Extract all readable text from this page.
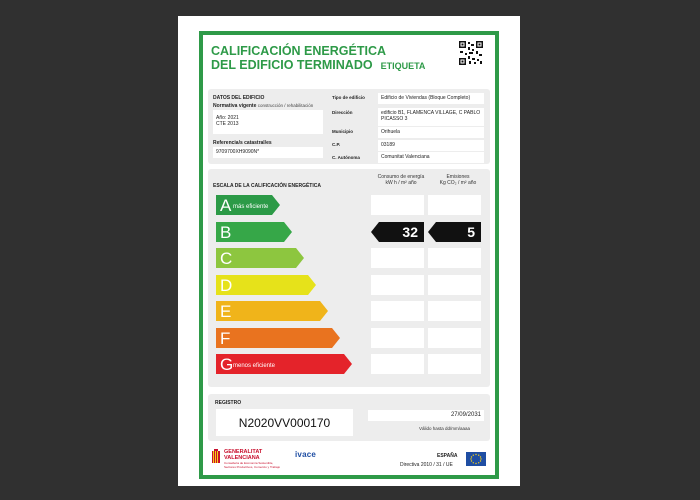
CALIFICACIÓN ENERGÉTICA
DEL EDIFICIO TERMINADO ETIQUETA
DATOS DEL EDIFICIO
Normativa vigente construcción / rehabilitación
Año: 2021
CTE 2013
Referencia/s catastral/es
9709700XH9090N*
Tipo de edificio	Edificio de Viviendas (Bloque Completo)
Dirección	edificio B1, FLAMENCA VILLAGE, C PABLO PICASSO 3
Municipio	Orihuela
C.P.	03189
C. Autónoma	Comunitat Valenciana
ESCALA DE LA CALIFICACIÓN ENERGÉTICA
Consumo de energía
kW h / m² año
Emisiones
Kg CO₂ / m² año
A más eficiente
B	32	5
C
D
E
F
G menos eficiente
REGISTRO
N2020VV000170
27/09/2031
Válido hasta dd/mm/aaaa
GENERALITAT
VALENCIANA
Conselleria de Economía Sostenible, Sectores Productivos, Comercio y Trabajo
ivace	ESPAÑA
Directiva 2010 / 31 / UE
